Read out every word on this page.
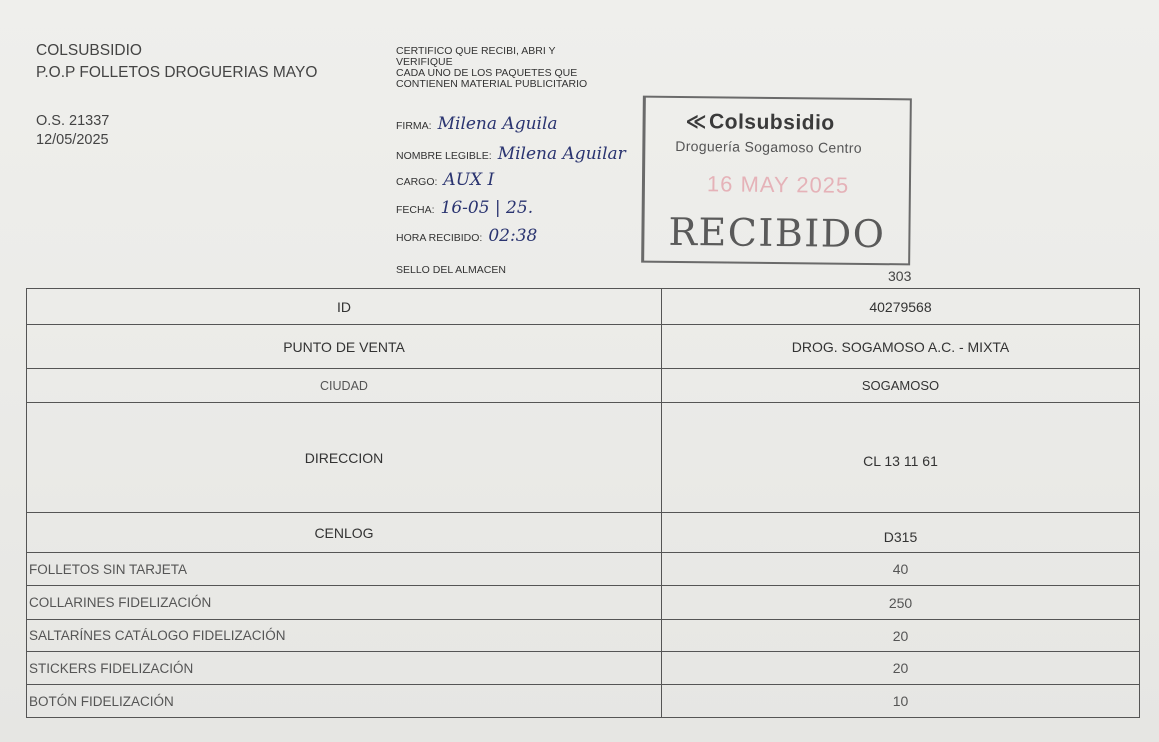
COLSUBSIDIO
P.O.P FOLLETOS DROGUERIAS MAYO
O.S. 21337
12/05/2025
CERTIFICO QUE RECIBI, ABRI Y
VERIFIQUE
CADA UNO DE LOS PAQUETES QUE
CONTIENEN MATERIAL PUBLICITARIO
FIRMA: Milena Aguila
NOMBRE LEGIBLE: Milena Aguilar
CARGO: AUX I
FECHA: 16-05 | 25.
HORA RECIBIDO: 02:38
SELLO DEL ALMACEN
≪Colsubsidio
Droguería Sogamoso Centro
16 MAY 2025
RECIBIDO
303
ID	40279568
PUNTO DE VENTA	DROG. SOGAMOSO A.C. - MIXTA
CIUDAD	SOGAMOSO
DIRECCION	CL 13 11 61
CENLOG	D315
FOLLETOS SIN TARJETA	40
COLLARINES FIDELIZACIÓN	250
SALTARÍNES CATÁLOGO FIDELIZACIÓN	20
STICKERS FIDELIZACIÓN	20
BOTÓN FIDELIZACIÓN	10
